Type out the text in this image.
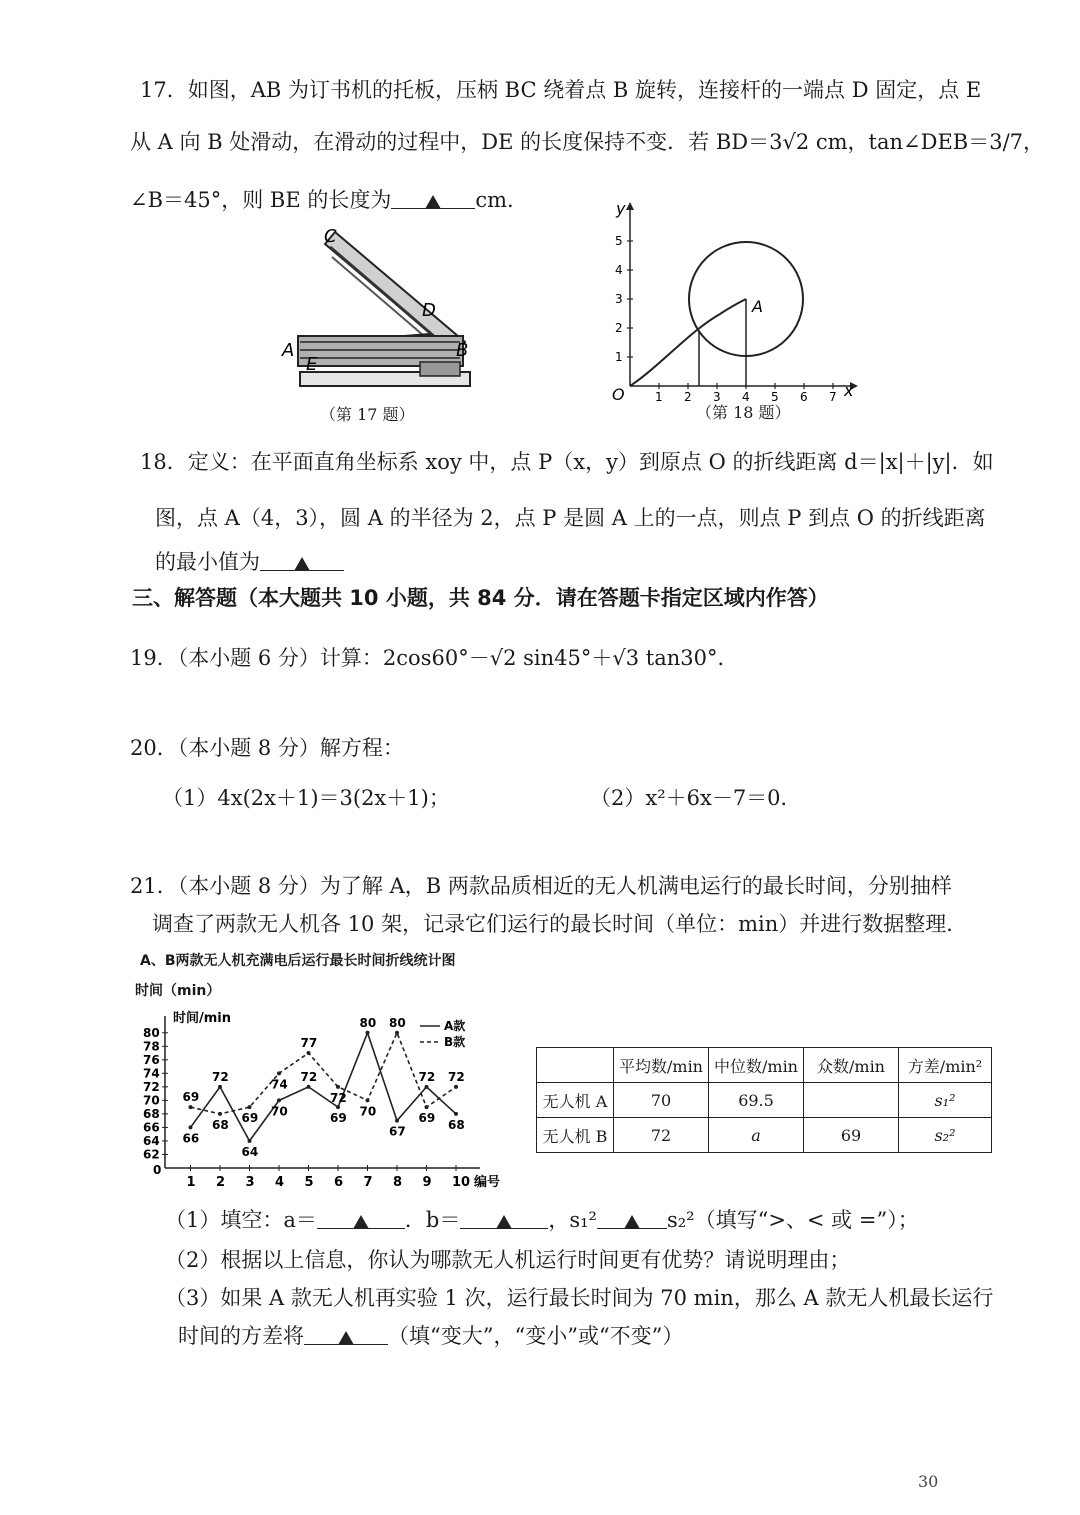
17．如图，AB 为订书机的托板，压柄 BC 绕着点 B 旋转，连接杆的一端点 D 固定，点 E
从 A 向 B 处滑动，在滑动的过程中，DE 的长度保持不变．若 BD＝3√2 cm，tan∠DEB＝3/7，
∠B＝45°，则 BE 的长度为	cm.
C
D
A
E
B
（第 17 题）
x
y
O	1 2 3 4 5 6 7
1
2
3
4
5
A
（第 18 题）
18．定义：在平面直角坐标系 xoy 中，点 P（x，y）到原点 O 的折线距离 d＝|x|＋|y|．如
图，点 A（4，3），圆 A 的半径为 2，点 P 是圆 A 上的一点，则点 P 到点 O 的折线距离
的最小值为
三、解答题（本大题共 10 小题，共 84 分．请在答题卡指定区域内作答）
19．（本小题 6 分）计算：2cos60°－√2 sin45°＋√3 tan30°．
20．（本小题 8 分）解方程：
（1）4x(2x＋1)＝3(2x＋1)；	（2）x²＋6x－7＝0．
21．（本小题 8 分）为了解 A，B 两款品质相近的无人机满电运行的最长时间，分别抽样
调查了两款无人机各 10 架，记录它们运行的最长时间（单位：min）并进行数据整理．
A、B两款无人机充满电后运行最长时间折线统计图
时间（min）
时间/min
编号
0
62
64
66
68
70
72
74
76
78
80
1 2 3 4 5 6 7 8 9 10
66
72
64
70
72
69
80
67
72
68
69
68 69
74
77
72
70
80
69
72
A款
B款
	平均数/min	中位数/min	众数/min	方差/min²
无人机 A	70	69.5		s₁²
无人机 B	72	a	69	s₂²
（1）填空：a＝	．b＝	，s₁²	s₂²（填写“>、< 或 =”）；
（2）根据以上信息，你认为哪款无人机运行时间更有优势？请说明理由；
（3）如果 A 款无人机再实验 1 次，运行最长时间为 70 min，那么 A 款无人机最长运行
时间的方差将	（填“变大”，“变小”或“不变”）
30
